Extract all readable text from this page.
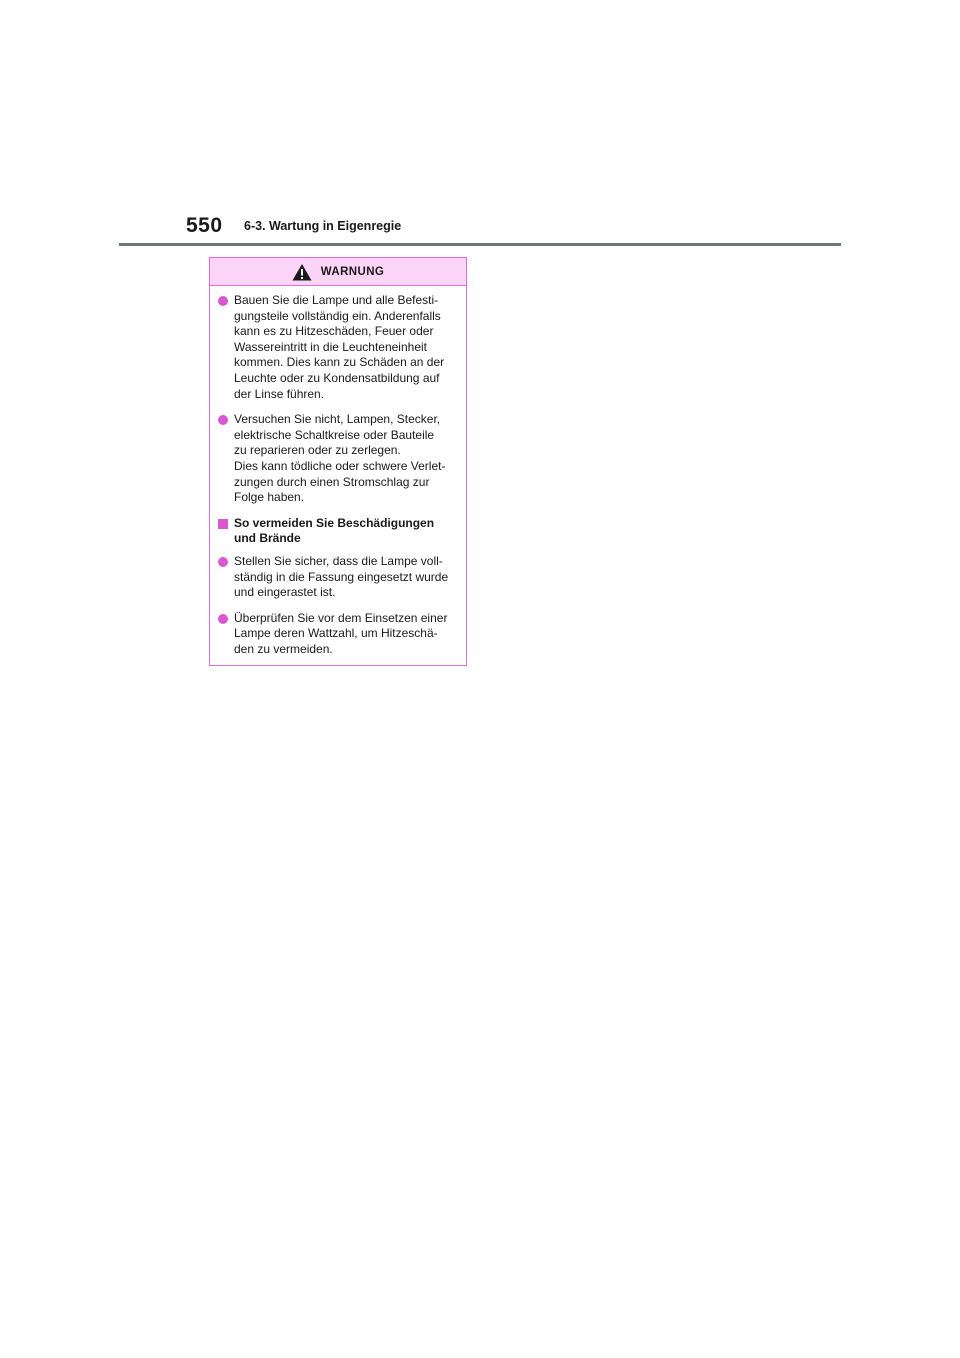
550 6-3. Wartung in Eigenregie
WARNUNG
Bauen Sie die Lampe und alle Befesti-
gungsteile vollständig ein. Anderenfalls
kann es zu Hitzeschäden, Feuer oder
Wassereintritt in die Leuchteneinheit
kommen. Dies kann zu Schäden an der
Leuchte oder zu Kondensatbildung auf
der Linse führen.
Versuchen Sie nicht, Lampen, Stecker,
elektrische Schaltkreise oder Bauteile
zu reparieren oder zu zerlegen.
Dies kann tödliche oder schwere Verlet-
zungen durch einen Stromschlag zur
Folge haben.
So vermeiden Sie Beschädigungen
und Brände
Stellen Sie sicher, dass die Lampe voll-
ständig in die Fassung eingesetzt wurde
und eingerastet ist.
Überprüfen Sie vor dem Einsetzen einer
Lampe deren Wattzahl, um Hitzeschä-
den zu vermeiden.
